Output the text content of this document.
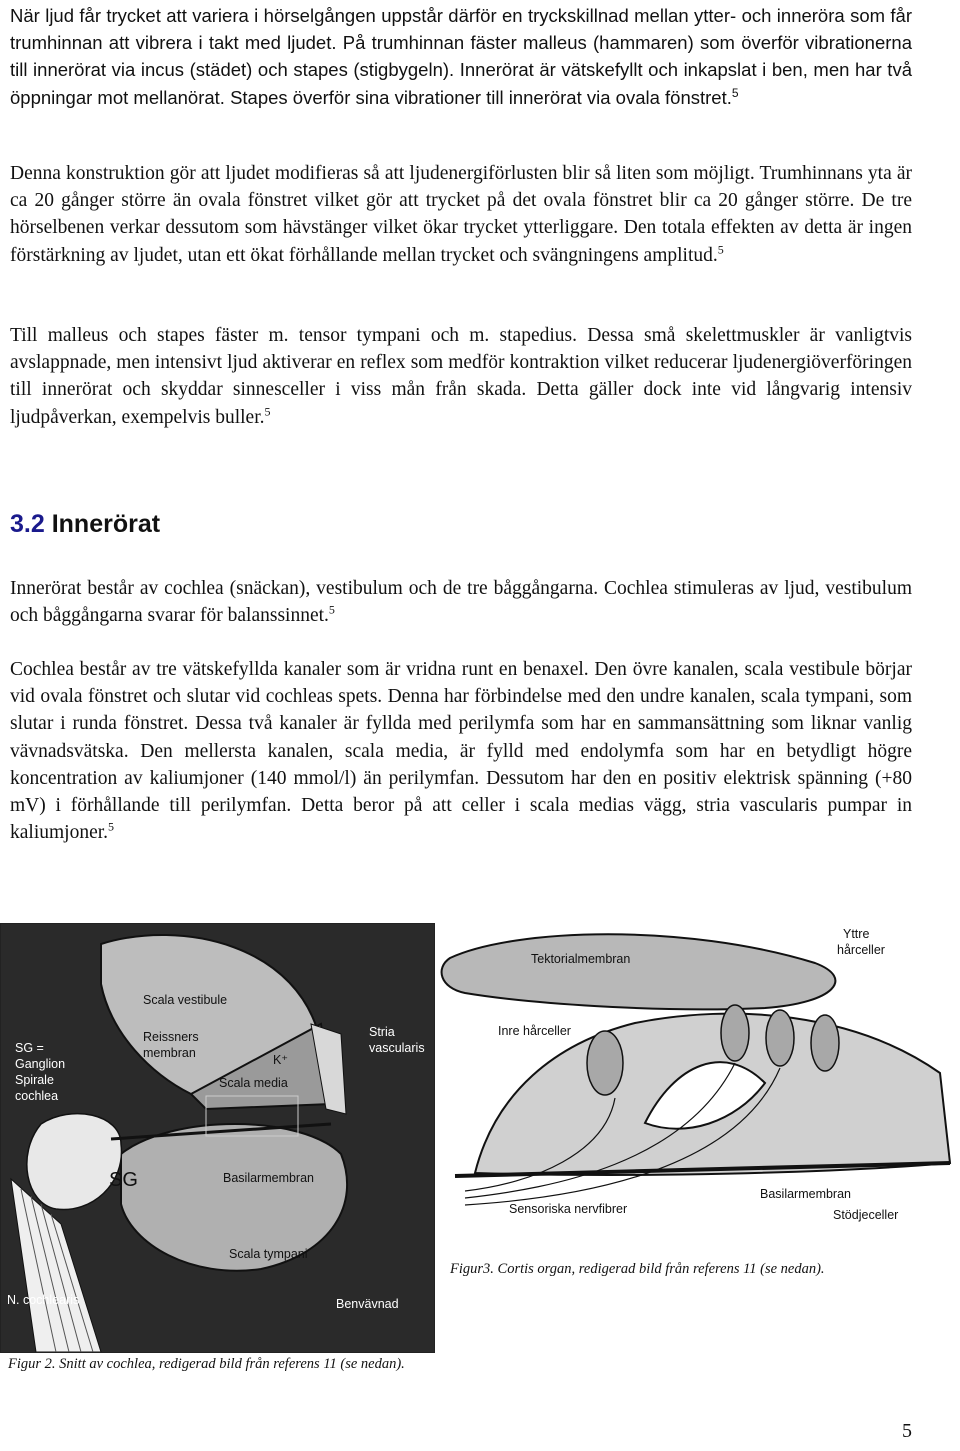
När ljud får trycket att variera i hörselgången uppstår därför en tryckskillnad mellan ytter- och inneröra som får trumhinnan att vibrera i takt med ljudet. På trumhinnan fäster malleus (hammaren) som överför vibrationerna till innerörat via incus (städet) och stapes (stigbygeln). Innerörat är vätskefyllt och inkapslat i ben, men har två öppningar mot mellanörat. Stapes överför sina vibrationer till innerörat via ovala fönstret.$^5$

Denna konstruktion gör att ljudet modifieras så att ljudenergiförlusten blir så liten som möjligt. Trumhinnans yta är ca 20 gånger större än ovala fönstret vilket gör att trycket på det ovala fönstret blir ca 20 gånger större. De tre hörselbenen verkar dessutom som hävstänger vilket ökar trycket ytterliggare. Den totala effekten av detta är ingen förstärkning av ljudet, utan ett ökat förhållande mellan trycket och svängningens amplitud.$^5$

Till malleus och stapes fäster m. tensor tympani och m. stapedius. Dessa små skelettmuskler är vanligtvis avslappnade, men intensivt ljud aktiverar en reflex som medför kontraktion vilket reducerar ljudenergiöverföringen till innerörat och skyddar sinnesceller i viss mån från skada. Detta gäller dock inte vid långvarig intensiv ljudpåverkan, exempelvis buller.$^5$

3.2 Innerörat

Innerörat består av cochlea (snäckan), vestibulum och de tre båggångarna. Cochlea stimuleras av ljud, vestibulum och båggångarna svarar för balanssinnet.$^5$

Cochlea består av tre vätskefyllda kanaler som är vridna runt en benaxel. Den övre kanalen, scala vestibule börjar vid ovala fönstret och slutar vid cochleas spets. Denna har förbindelse med den undre kanalen, scala tympani, som slutar i runda fönstret. Dessa två kanaler är fyllda med perilymfa som har en sammansättning som liknar vanlig vävnadsvätska. Den mellersta kanalen, scala media, är fylld med endolymfa som har en betydligt högre koncentration av kaliumjoner (140 mmol/l) än perilymfan. Dessutom har den en positiv elektrisk spänning (+80 mV) i förhållande till perilymfan. Detta beror på att celler i scala medias vägg, stria vascularis pumpar in kaliumjoner.$^5$

Scala vestibule
Reissners
membran
Stria
vascularis
K⁺
Scala media
SG =
Ganglion
Spirale
cochlea
SG	Basilarmembran
Scala tympani
N. cochlearis	Benvävnad
Figur 2. Snitt av cochlea, redigerad bild från referens 11 (se nedan).
Yttre
hårceller
Tektorialmembran
Inre hårceller
Basilarmembran
Sensoriska nervfibrer	Stödjeceller
Figur3. Cortis organ, redigerad bild från referens 11 (se nedan).
5
